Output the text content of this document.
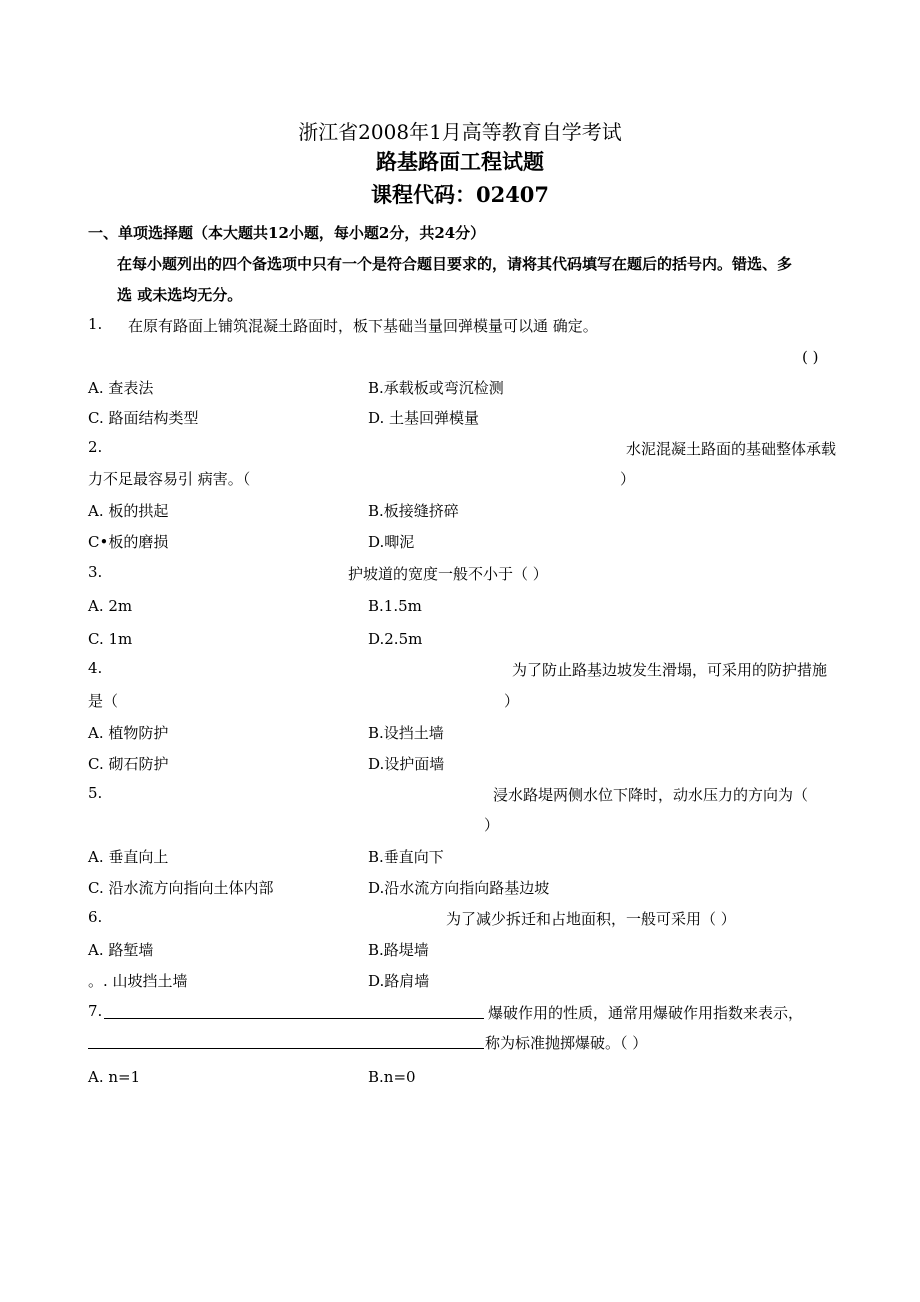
浙江省2008年1月高等教育自学考试
路基路面工程试题
课程代码：02407
一、单项选择题（本大题共12小题，每小题2分，共24分）
在每小题列出的四个备选项中只有一个是符合题目要求的，请将其代码填写在题后的括号内。错选、多
选 或未选均无分。
1. 在原有路面上铺筑混凝土路面时，板下基础当量回弹模量可以通 确定。
( )
A. 查表法	B.承载板或弯沉检测
C. 路面结构类型	D. 土基回弹模量
2.	水泥混凝土路面的基础整体承载
力不足最容易引 病害。（	）
A. 板的拱起	B.板接缝挤碎
C•板的磨损	D.唧泥
3.	护坡道的宽度一般不小于（ ）
A. 2m	B.1.5m
C. 1m	D.2.5m
4.	为了防止路基边坡发生滑塌，可采用的防护措施
是（	）
A. 植物防护	B.设挡土墙
C. 砌石防护	D.设护面墙
5.	浸水路堤两侧水位下降时，动水压力的方向为（
）
A. 垂直向上	B.垂直向下
C. 沿水流方向指向土体内部	D.沿水流方向指向路基边坡
6.	为了减少拆迁和占地面积，一般可采用（ ）
A. 路堑墙	B.路堤墙
。. 山坡挡土墙	D.路肩墙
7.	爆破作用的性质，通常用爆破作用指数来表示，
称为标准抛掷爆破。（ ）
A. n=1	B.n=0
